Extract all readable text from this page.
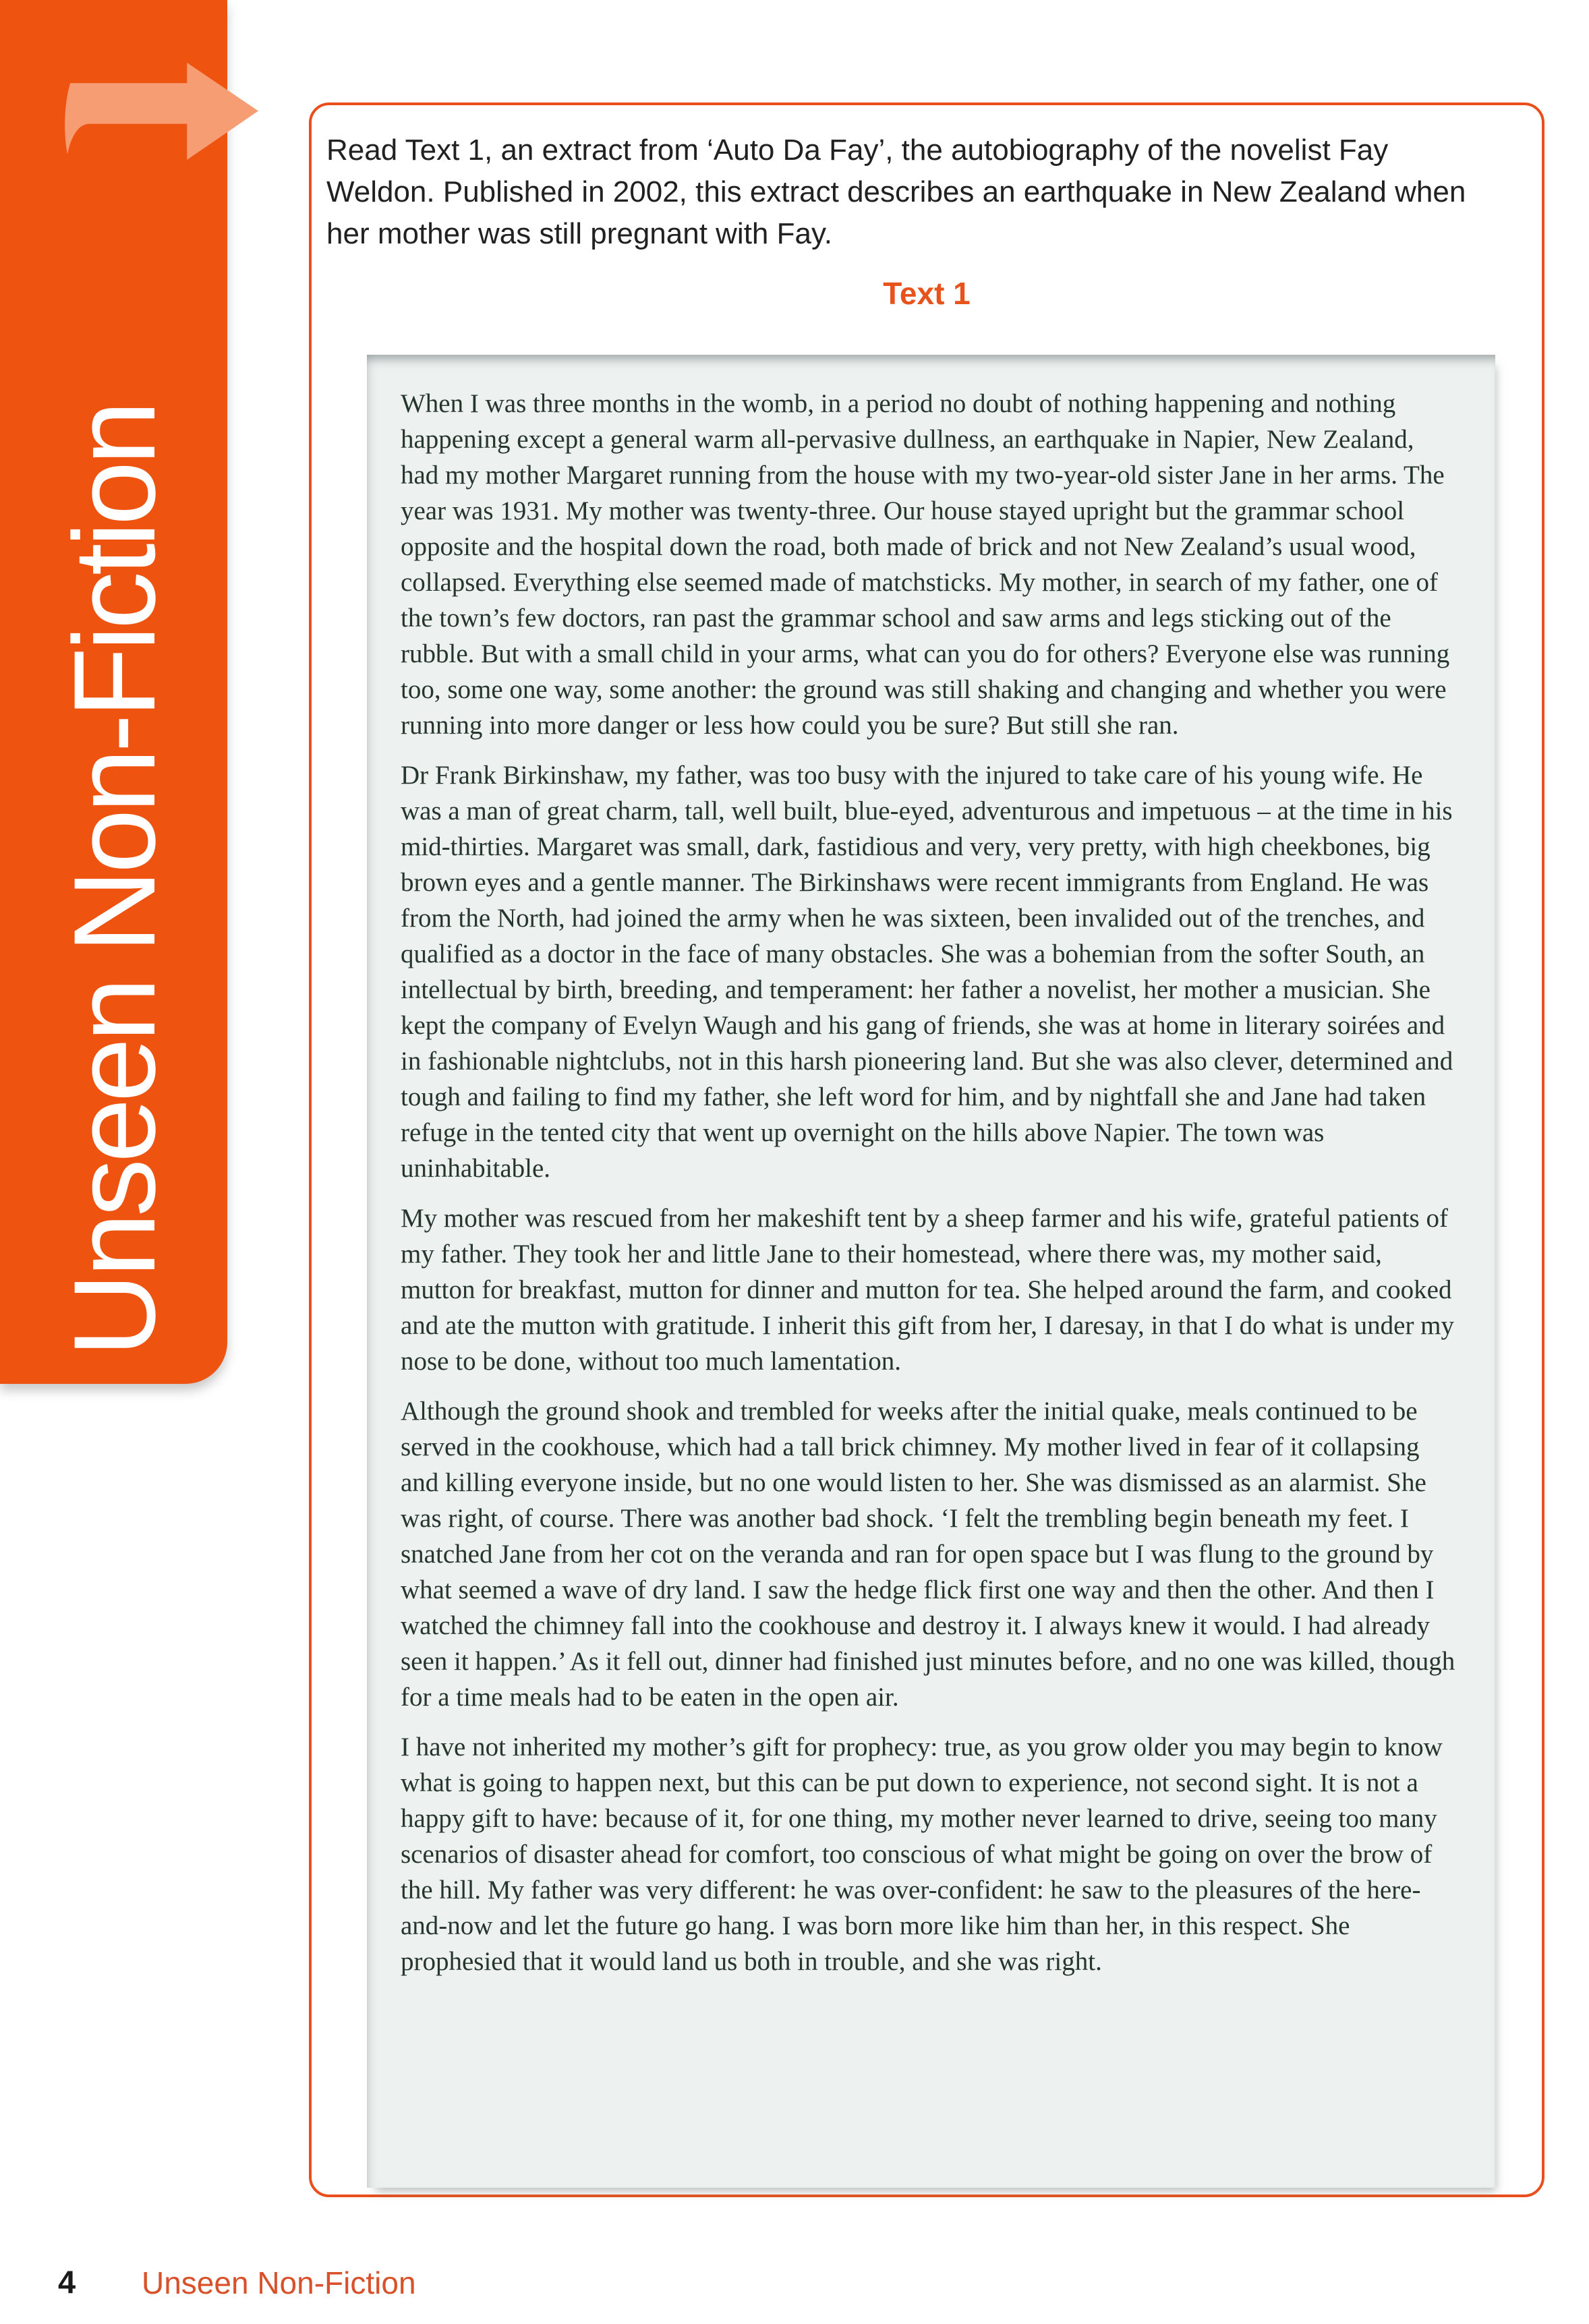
Unseen Non-Fiction
Read Text 1, an extract from ‘Auto Da Fay’, the autobiography of the novelist Fay Weldon. Published in 2002, this extract describes an earthquake in New Zealand when her mother was still pregnant with Fay.
Text 1

When I was three months in the womb, in a period no doubt of nothing happening and nothing happening except a general warm all-pervasive dullness, an earthquake in Napier, New Zealand, had my mother Margaret running from the house with my two-year-old sister Jane in her arms. The year was 1931. My mother was twenty-three. Our house stayed upright but the grammar school opposite and the hospital down the road, both made of brick and not New Zealand’s usual wood, collapsed. Everything else seemed made of matchsticks. My mother, in search of my father, one of the town’s few doctors, ran past the grammar school and saw arms and legs sticking out of the rubble. But with a small child in your arms, what can you do for others? Everyone else was running too, some one way, some another: the ground was still shaking and changing and whether you were running into more danger or less how could you be sure? But still she ran.

Dr Frank Birkinshaw, my father, was too busy with the injured to take care of his young wife. He was a man of great charm, tall, well built, blue-eyed, adventurous and impetuous – at the time in his mid-thirties. Margaret was small, dark, fastidious and very, very pretty, with high cheekbones, big brown eyes and a gentle manner. The Birkinshaws were recent immigrants from England. He was from the North, had joined the army when he was sixteen, been invalided out of the trenches, and qualified as a doctor in the face of many obstacles. She was a bohemian from the softer South, an intellectual by birth, breeding, and temperament: her father a novelist, her mother a musician. She kept the company of Evelyn Waugh and his gang of friends, she was at home in literary soirées and in fashionable nightclubs, not in this harsh pioneering land. But she was also clever, determined and tough and failing to find my father, she left word for him, and by nightfall she and Jane had taken refuge in the tented city that went up overnight on the hills above Napier. The town was uninhabitable.

My mother was rescued from her makeshift tent by a sheep farmer and his wife, grateful patients of my father. They took her and little Jane to their homestead, where there was, my mother said, mutton for breakfast, mutton for dinner and mutton for tea. She helped around the farm, and cooked and ate the mutton with gratitude. I inherit this gift from her, I daresay, in that I do what is under my nose to be done, without too much lamentation.

Although the ground shook and trembled for weeks after the initial quake, meals continued to be served in the cookhouse, which had a tall brick chimney. My mother lived in fear of it collapsing and killing everyone inside, but no one would listen to her. She was dismissed as an alarmist. She was right, of course. There was another bad shock. ‘I felt the trembling begin beneath my feet. I snatched Jane from her cot on the veranda and ran for open space but I was flung to the ground by what seemed a wave of dry land. I saw the hedge flick first one way and then the other. And then I watched the chimney fall into the cookhouse and destroy it. I always knew it would. I had already seen it happen.’ As it fell out, dinner had finished just minutes before, and no one was killed, though for a time meals had to be eaten in the open air.

I have not inherited my mother’s gift for prophecy: true, as you grow older you may begin to know what is going to happen next, but this can be put down to experience, not second sight. It is not a happy gift to have: because of it, for one thing, my mother never learned to drive, seeing too many scenarios of disaster ahead for comfort, too conscious of what might be going on over the brow of the hill. My father was very different: he was over-confident: he saw to the pleasures of the here-and-now and let the future go hang. I was born more like him than her, in this respect. She prophesied that it would land us both in trouble, and she was right.

4 Unseen Non-Fiction
